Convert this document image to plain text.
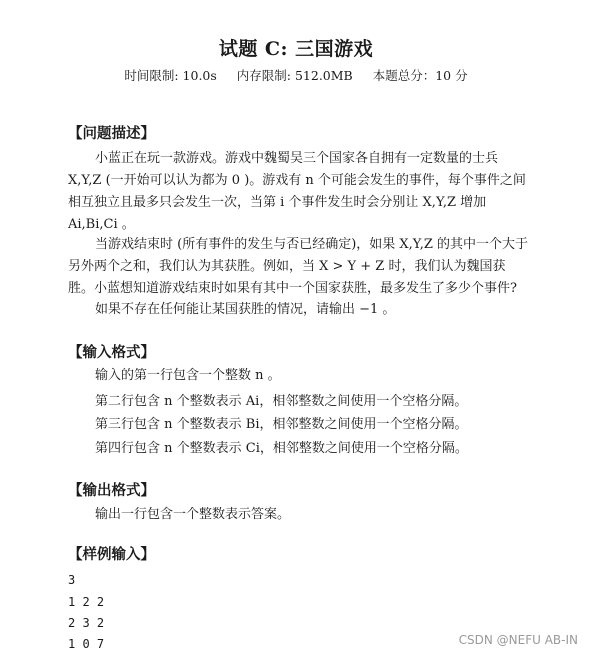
试题 C: 三国游戏
时间限制: 10.0s 内存限制: 512.0MB 本题总分：10 分
【问题描述】
小蓝正在玩一款游戏。游戏中魏蜀吴三个国家各自拥有一定数量的士兵 X,Y,Z (一开始可以认为都为 0 )。游戏有 n 个可能会发生的事件，每个事件之间相互独立且最多只会发生一次，当第 i 个事件发生时会分别让 X,Y,Z 增加 Ai,Bi,Ci 。
当游戏结束时 (所有事件的发生与否已经确定)，如果 X,Y,Z 的其中一个大于另外两个之和，我们认为其获胜。例如，当 X > Y + Z 时，我们认为魏国获胜。小蓝想知道游戏结束时如果有其中一个国家获胜，最多发生了多少个事件?
如果不存在任何能让某国获胜的情况，请输出 −1 。
【输入格式】
输入的第一行包含一个整数 n 。
第二行包含 n 个整数表示 Ai，相邻整数之间使用一个空格分隔。
第三行包含 n 个整数表示 Bi，相邻整数之间使用一个空格分隔。
第四行包含 n 个整数表示 Ci，相邻整数之间使用一个空格分隔。
【输出格式】
输出一行包含一个整数表示答案。
【样例输入】
3
1 2 2
2 3 2
1 0 7	CSDN @NEFU AB-IN
